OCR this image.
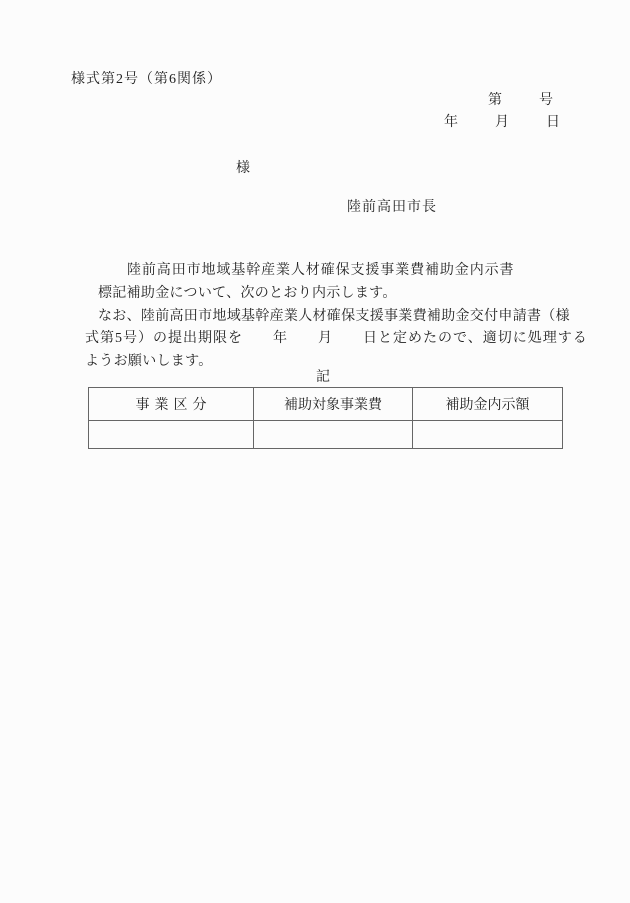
様式第2号（第6関係）
第　　号
年　　月　　日
様
陸前高田市長
陸前高田市地域基幹産業人材確保支援事業費補助金内示書
標記補助金について、次のとおり内示します。
なお、陸前高田市地域基幹産業人材確保支援事業費補助金交付申請書（様
式第5号）の提出期限を　　年　　月　　日と定めたので、適切に処理する
ようお願いします。
記
事業区分	補助対象事業費	補助金内示額
